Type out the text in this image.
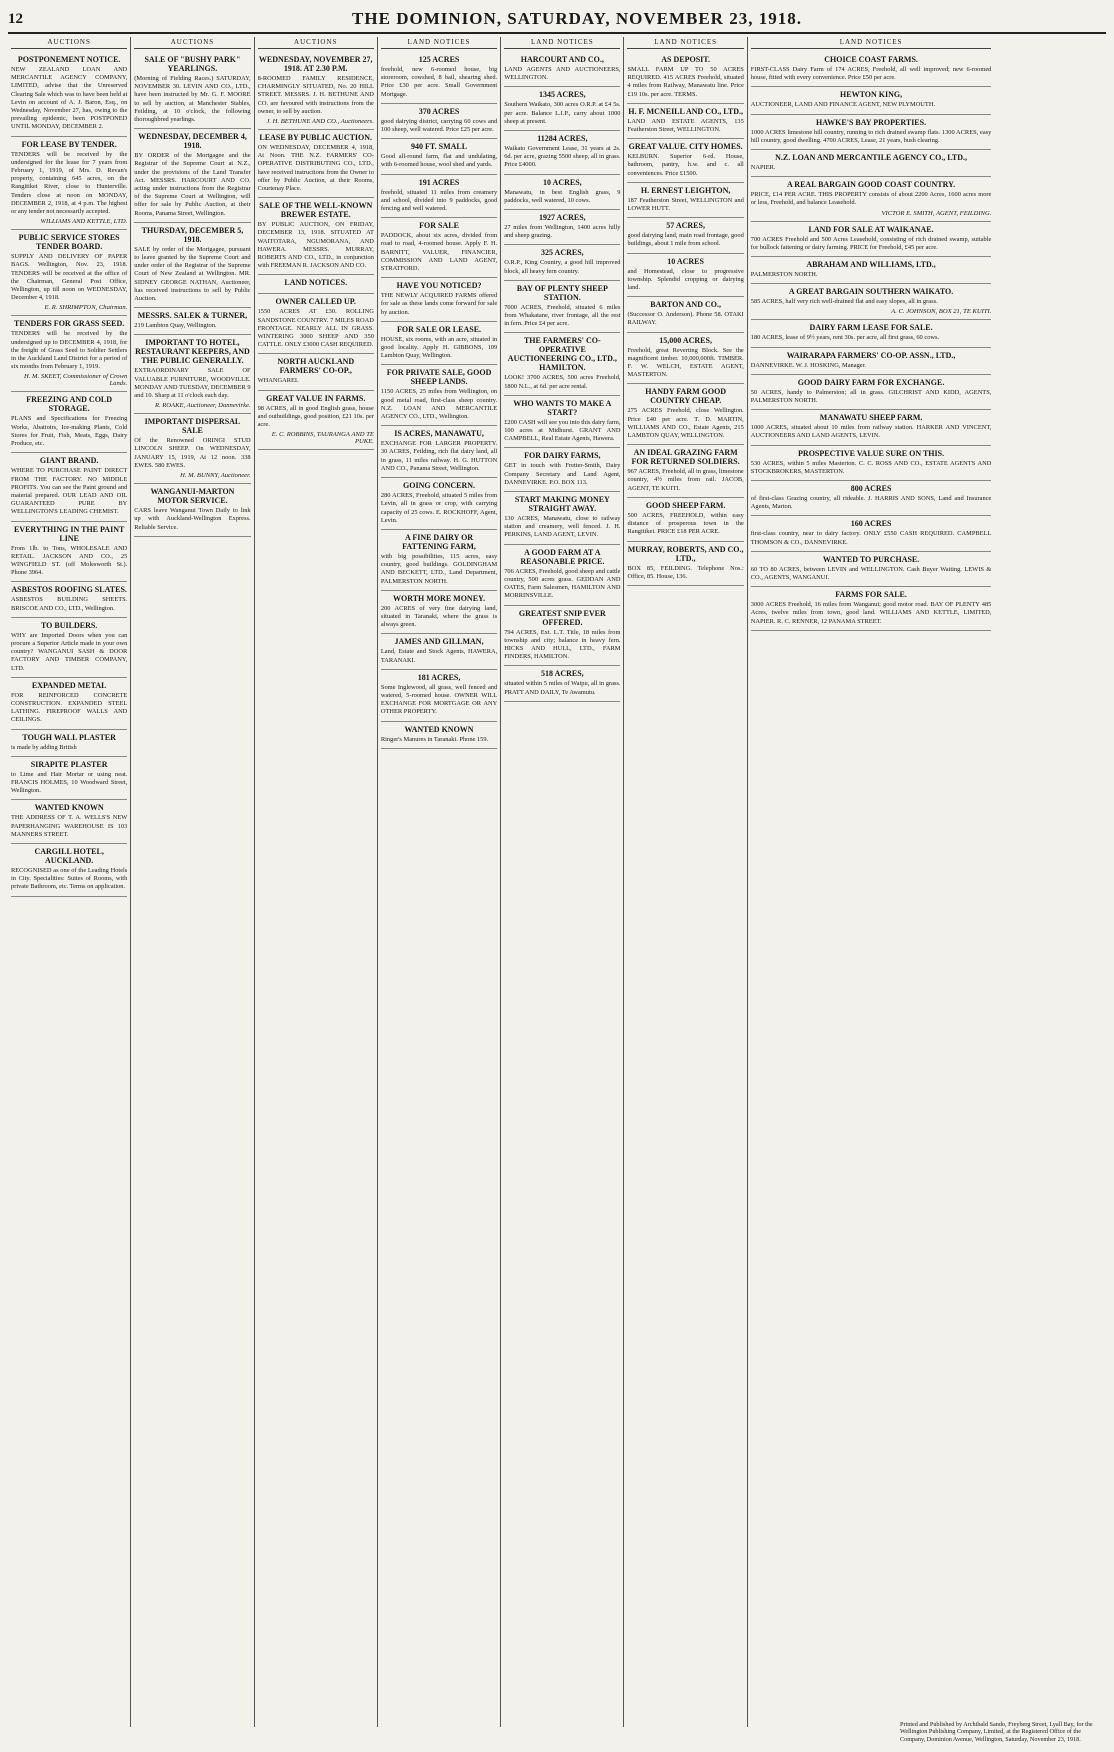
12	THE DOMINION, SATURDAY, NOVEMBER 23, 1918.
AUCTIONS
POSTPONEMENT NOTICE.

NEW ZEALAND LOAN AND MERCANTILE AGENCY COMPANY, LIMITED, advise that the Unreserved Clearing Sale which was to have been held at Levin on account of A. J. Baron, Esq., on Wednesday, November 27, has, owing to the prevailing epidemic, been POSTPONED UNTIL MONDAY, DECEMBER 2.

FOR LEASE BY TENDER.

TENDERS will be received by the undersigned for the lease for 7 years from February 1, 1919, of Mrs. D. Revan's property, containing 645 acres, on the Rangitikei River, close to Hunterville. Tenders close at noon on MONDAY, DECEMBER 2, 1918, at 4 p.m. The highest or any tender not necessarily accepted.

WILLIAMS AND KETTLE, LTD.
PUBLIC SERVICE STORES TENDER BOARD.

SUPPLY AND DELIVERY OF PAPER BAGS. Wellington, Nov. 23, 1918. TENDERS will be received at the office of the Chairman, General Post Office, Wellington, up till noon on WEDNESDAY, December 4, 1918.

E. R. SHRIMPTON, Chairman.
TENDERS FOR GRASS SEED.

TENDERS will be received by the undersigned up to DECEMBER 4, 1918, for the freight of Grass Seed to Soldier Settlers in the Auckland Land District for a period of six months from February 1, 1919.

H. M. SKEET, Commissioner of Crown Lands.
FREEZING AND COLD STORAGE.

PLANS and Specifications for Freezing Works, Abattoirs, Ice-making Plants, Cold Stores for Fruit, Fish, Meats, Eggs, Dairy Produce, etc.

GIANT BRAND.

WHERE TO PURCHASE PAINT DIRECT FROM THE FACTORY. NO MIDDLE PROFITS. You can see the Paint ground and material prepared. OUR LEAD AND OIL GUARANTEED PURE BY WELLINGTON'S LEADING CHEMIST.

EVERYTHING IN THE PAINT LINE

From 1lb. to Tons, WHOLESALE AND RETAIL. JACKSON AND CO., 25 WINGFIELD ST. (off Molesworth St.). Phone 3964.

ASBESTOS ROOFING SLATES.

ASBESTOS BUILDING SHEETS. BRISCOE AND CO., LTD., Wellington.

TO BUILDERS.

WHY are Imported Doors when you can procure a Superior Article made in your own country? WANGANUI SASH & DOOR FACTORY AND TIMBER COMPANY, LTD.

EXPANDED METAL

FOR REINFORCED CONCRETE CONSTRUCTION. EXPANDED STEEL LATHING. FIREPROOF WALLS AND CEILINGS.

TOUGH WALL PLASTER

is made by adding British

SIRAPITE PLASTER

to Lime and Hair Mortar or using neat. FRANCIS HOLMES, 10 Woodward Street, Wellington.

WANTED KNOWN

THE ADDRESS OF T. A. WELLS'S NEW PAPERHANGING WAREHOUSE IS 103 MANNERS STREET.

CARGILL HOTEL, AUCKLAND.

RECOGNISED as one of the Leading Hotels in City. Specialities: Suites of Rooms, with private Bathroom, etc. Terms on application.

AUCTIONS
SALE OF "BUSHY PARK" YEARLINGS.

(Morning of Fielding Races.) SATURDAY, NOVEMBER 30. LEVIN AND CO., LTD., have been instructed by Mr. G. F. MOORE to sell by auction, at Manchester Stables, Feilding, at 10 o'clock, the following thoroughbred yearlings.

WEDNESDAY, DECEMBER 4, 1918.

BY ORDER of the Mortgagee and the Registrar of the Supreme Court at N.Z., under the provisions of the Land Transfer Act. MESSRS. HARCOURT AND CO. acting under instructions from the Registrar of the Supreme Court at Wellington, will offer for sale by Public Auction, at their Rooms, Panama Street, Wellington.

THURSDAY, DECEMBER 5, 1918.

SALE by order of the Mortgagee, pursuant to leave granted by the Supreme Court and under order of the Registrar of the Supreme Court of New Zealand at Wellington. MR. SIDNEY GEORGE NATHAN, Auctioneer, has received instructions to sell by Public Auction.

MESSRS. SALEK & TURNER,

219 Lambton Quay, Wellington.

IMPORTANT TO HOTEL, RESTAURANT KEEPERS, AND THE PUBLIC GENERALLY.

EXTRAORDINARY SALE OF VALUABLE FURNITURE, WOODVILLE. MONDAY AND TUESDAY, DECEMBER 9 and 10. Sharp at 11 o'clock each day.

R. ROAKE, Auctioneer, Dannevirke.
IMPORTANT DISPERSAL SALE

Of the Renowned ORINGI STUD LINCOLN SHEEP. On WEDNESDAY, JANUARY 15, 1919, At 12 noon. 338 EWES. 580 EWES.

H. M. BUNNY, Auctioneer.
WANGANUI-MARTON MOTOR SERVICE.

CARS leave Wanganui Town Daily to link up with Auckland-Wellington Express. Reliable Service.

AUCTIONS
WEDNESDAY, NOVEMBER 27, 1918. AT 2.30 P.M.

8-ROOMED FAMILY RESIDENCE, CHARMINGLY SITUATED, No. 20 HILL STREET. MESSRS. J. H. BETHUNE AND CO. are favoured with instructions from the owner, to sell by auction.

J. H. BETHUNE AND CO., Auctioneers.
LEASE BY PUBLIC AUCTION.

ON WEDNESDAY, DECEMBER 4, 1918, At Noon. THE N.Z. FARMERS' CO-OPERATIVE DISTRIBUTING CO., LTD., have received instructions from the Owner to offer by Public Auction, at their Rooms, Courtenay Place.

SALE OF THE WELL-KNOWN BREWER ESTATE.

BY PUBLIC AUCTION, ON FRIDAY, DECEMBER 13, 1918. SITUATED AT WAITOTARA, NGUMORANA, AND HAWERA. MESSRS. MURRAY, ROBERTS AND CO., LTD., in conjunction with FREEMAN R. JACKSON AND CO.

LAND NOTICES.
OWNER CALLED UP.

1550 ACRES AT £30. ROLLING SANDSTONE COUNTRY. 7 MILES ROAD FRONTAGE. NEARLY ALL IN GRASS. WINTERING 3000 SHEEP AND 350 CATTLE. ONLY £3000 CASH REQUIRED.

NORTH AUCKLAND FARMERS' CO-OP.,

WHANGAREI.

GREAT VALUE IN FARMS.

98 ACRES, all in good English grass, house and outbuildings, good position, £21 10s. per acre.

E. C. ROBBINS, TAURANGA AND TE PUKE.
LAND NOTICES
125 ACRES

freehold, new 6-roomed house, big storeroom, cowshed, 8 bail, shearing shed. Price £30 per acre. Small Government Mortgage.

370 ACRES

good dairying district, carrying 60 cows and 100 sheep, well watered. Price £25 per acre.

940 FT. SMALL

Good all-round farm, flat and undulating, with 6-roomed house, wool shed and yards.

191 ACRES

freehold, situated 11 miles from creamery and school, divided into 9 paddocks, good fencing and well watered.

FOR SALE

PADDOCK, about six acres, divided from road to road, 4-roomed house. Apply F. H. BARNITT, VALUER, FINANCIER, COMMISSION AND LAND AGENT, STRATFORD.

HAVE YOU NOTICED?

THE NEWLY ACQUIRED FARMS offered for sale as these lands come forward for sale by auction.

FOR SALE OR LEASE.

HOUSE, six rooms, with an acre, situated in good locality. Apply H. GIBBONS, 109 Lambton Quay, Wellington.

FOR PRIVATE SALE, GOOD SHEEP LANDS.

1150 ACRES, 25 miles from Wellington, on good metal road, first-class sheep country. N.Z. LOAN AND MERCANTILE AGENCY CO., LTD., Wellington.

IS ACRES, MANAWATU,

EXCHANGE FOR LARGER PROPERTY. 30 ACRES, Feilding, rich flat dairy land, all in grass, 11 miles railway. H. G. HUTTON AND CO., Panama Street, Wellington.

GOING CONCERN.

280 ACRES, Freehold, situated 5 miles from Levin, all in grass or crop, with carrying capacity of 25 cows. E. ROCKHOFF, Agent, Levin.

A FINE DAIRY OR FATTENING FARM,

with big possibilities, 115 acres, easy country, good buildings. GOLDINGHAM AND BECKETT, LTD., Land Department, PALMERSTON NORTH.

WORTH MORE MONEY.

200 ACRES of very fine dairying land, situated in Taranaki, where the grass is always green.

JAMES AND GILLMAN,

Land, Estate and Stock Agents, HAWERA, TARANAKI.

181 ACRES,

Some Inglewood, all grass, well fenced and watered, 5-roomed house. OWNER WILL EXCHANGE FOR MORTGAGE OR ANY OTHER PROPERTY.

WANTED KNOWN

Ringer's Manures in Taranaki. Phone 159.

LAND NOTICES
HARCOURT AND CO.,

LAND AGENTS AND AUCTIONEERS, WELLINGTON.

1345 ACRES,

Southern Waikato, 300 acres O.R.P. at £4 5s. per acre. Balance L.I.P., carry about 1000 sheep at present.

11284 ACRES,

Waikato Government Lease, 31 years at 2s. 6d. per acre, grazing 5500 sheep, all in grass. Price £4000.

10 ACRES,

Manawatu, in best English grass, 9 paddocks, well watered, 10 cows.

1927 ACRES,

27 miles from Wellington, 1400 acres hilly and sheep grazing.

325 ACRES,

O.R.P., King Country, a good hill improved block, all heavy fern country.

BAY OF PLENTY SHEEP STATION.

7000 ACRES, Freehold, situated 6 miles from Whakatane, river frontage, all the rest in fern. Price £4 per acre.

THE FARMERS' CO-OPERATIVE AUCTIONEERING CO., LTD., HAMILTON.

LOOK! 3700 ACRES, 500 acres Freehold, 1800 N.L., at 6d. per acre rental.

WHO WANTS TO MAKE A START?

£200 CASH will see you into this dairy farm, 100 acres at Midhurst. GRANT AND CAMPBELL, Real Estate Agents, Hawera.

FOR DAIRY FARMS,

GET in touch with Fretter-Smith, Dairy Company Secretary and Land Agent, DANNEVIRKE. P.O. BOX 113.

START MAKING MONEY STRAIGHT AWAY.

130 ACRES, Manawatu, close to railway station and creamery, well fenced. J. H. PERKINS, LAND AGENT, LEVIN.

A GOOD FARM AT A REASONABLE PRICE.

706 ACRES, Freehold, good sheep and cattle country, 500 acres grass. GEDDAN AND OATES, Farm Salesmen, HAMILTON AND MORRINSVILLE.

GREATEST SNIP EVER OFFERED.

794 ACRES, Ext. L.T. Title, 18 miles from township and city; balance in heavy fern. HICKS AND HULL, LTD., FARM FINDERS, HAMILTON.

518 ACRES,

situated within 5 miles of Waipu, all in grass. PRATT AND DAILY, Te Awamutu.

LAND NOTICES
AS DEPOSIT.

SMALL FARM UP TO 50 ACRES REQUIRED. 415 ACRES Freehold, situated 4 miles from Railway, Manawatu line. Price £19 10s. per acre. TERMS.

H. F. MCNEILL AND CO., LTD.,

LAND AND ESTATE AGENTS, 135 Featherston Street, WELLINGTON.

GREAT VALUE. CITY HOMES.

KELBURN. Superior 6-rd. House, bathroom, pantry, h.w. and c. all conveniences. Price £1500.

H. ERNEST LEIGHTON,

187 Featherston Street, WELLINGTON and LOWER HUTT.

57 ACRES,

good dairying land, main road frontage, good buildings, about 1 mile from school.

10 ACRES

and Homestead, close to progressive township. Splendid cropping or dairying land.

BARTON AND CO.,

(Successor O. Anderson). Phone 58. OTAKI RAILWAY.

15,000 ACRES,

Freehold, great Reverting Block. See the magnificent timber. 10,000,000ft. TIMBER. F. W. WELCH, ESTATE AGENT, MASTERTON.

HANDY FARM GOOD COUNTRY CHEAP.

275 ACRES Freehold, close Wellington. Price £40 per acre. T. D. MARTIN, WILLIAMS AND CO., Estate Agents, 215 LAMBTON QUAY, WELLINGTON.

AN IDEAL GRAZING FARM FOR RETURNED SOLDIERS.

967 ACRES, Freehold, all in grass, limestone country, 4½ miles from rail. JACOB, AGENT, TE KUITI.

GOOD SHEEP FARM.

500 ACRES, FREEHOLD, within easy distance of prosperous town in the Rangitikei. PRICE £18 PER ACRE.

MURRAY, ROBERTS, AND CO., LTD.,

BOX 85, FEILDING. Telephone Nos.: Office, 85. House, 136.

LAND NOTICES
CHOICE COAST FARMS.

FIRST-CLASS Dairy Farm of 174 ACRES, Freehold, all well improved; new 6-roomed house, fitted with every convenience. Price £50 per acre.

HEWTON KING,

AUCTIONEER, LAND AND FINANCE AGENT, NEW PLYMOUTH.

HAWKE'S BAY PROPERTIES.

1000 ACRES limestone hill country, running to rich drained swamp flats. 1300 ACRES, easy hill country, good dwelling. 4700 ACRES, Lease, 21 years, bush clearing.

N.Z. LOAN AND MERCANTILE AGENCY CO., LTD.,

NAPIER.

A REAL BARGAIN GOOD COAST COUNTRY.

PRICE, £14 PER ACRE. THIS PROPERTY consists of about 2200 Acres, 1600 acres more or less, Freehold, and balance Leasehold.

VICTOR E. SMITH, AGENT, FEILDING.
LAND FOR SALE AT WAIKANAE.

700 ACRES Freehold and 500 Acres Leasehold, consisting of rich drained swamp, suitable for bullock fattening or dairy farming. PRICE for Freehold, £45 per acre.

ABRAHAM AND WILLIAMS, LTD.,

PALMERSTON NORTH.

A GREAT BARGAIN SOUTHERN WAIKATO.

585 ACRES, half very rich well-drained flat and easy slopes, all in grass.

A. C. JOHNSON, BOX 21, TE KUITI.
DAIRY FARM LEASE FOR SALE.

180 ACRES, lease of 9½ years, rent 30s. per acre, all first grass, 60 cows.

WAIRARAPA FARMERS' CO-OP. ASSN., LTD.,

DANNEVIRKE. W. J. HOSKING, Manager.

GOOD DAIRY FARM FOR EXCHANGE.

50 ACRES, handy to Palmerston; all in grass. GILCHRIST AND KIDD, AGENTS, PALMERSTON NORTH.

MANAWATU SHEEP FARM.

1000 ACRES, situated about 10 miles from railway station. HARKER AND VINCENT, AUCTIONEERS AND LAND AGENTS, LEVIN.

PROSPECTIVE VALUE SURE ON THIS.

530 ACRES, within 5 miles Masterton. C. C. ROSS AND CO., ESTATE AGENTS AND STOCKBROKERS, MASTERTON.

800 ACRES

of first-class Grazing country, all rideable. J. HARRIS AND SONS, Land and Insurance Agents, Marton.

160 ACRES

first-class country, near to dairy factory. ONLY £550 CASH REQUIRED. CAMPBELL THOMSON & CO., DANNEVIRKE.

WANTED TO PURCHASE.

60 TO 80 ACRES, between LEVIN and WELLINGTON. Cash Buyer Waiting. LEWIS & CO., AGENTS, WANGANUI.

FARMS FOR SALE.

3000 ACRES Freehold, 16 miles from Wanganui; good motor road. BAY OF PLENTY 485 Acres, twelve miles from town, good land. WILLIAMS AND KETTLE, LIMITED, NAPIER. R. C. RENNER, 12 PANAMA STREET.

Printed and Published by Archibald Sando, Freyberg Street, Lyall Bay, for the Wellington Publishing Company, Limited, at the Registered Office of the Company, Dominion Avenue, Wellington, Saturday, November 23, 1918.
